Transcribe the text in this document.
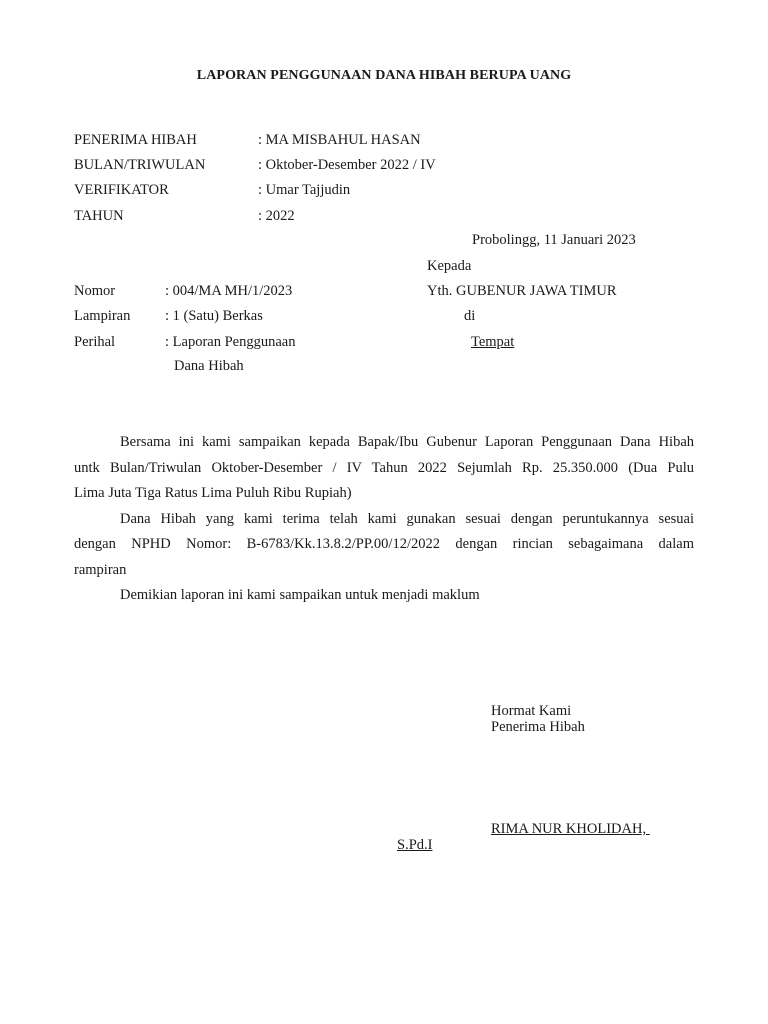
LAPORAN PENGGUNAAN DANA HIBAH BERUPA UANG
PENERIMA HIBAH	: MA MISBAHUL HASAN
BULAN/TRIWULAN	: Oktober-Desember 2022 / IV
VERIFIKATOR	: Umar Tajjudin
TAHUN	: 2022
Probolingg, 11 Januari 2023
Kepada
Yth. GUBENUR JAWA TIMUR
di
Tempat
Nomor	: 004/MA MH/1/2023
Lampiran : 1 (Satu) Berkas
Perihal	: Laporan Penggunaan
Dana Hibah
Bersama ini kami sampaikan kepada Bapak/Ibu Gubenur Laporan Penggunaan Dana Hibah
untk Bulan/Triwulan Oktober-Desember / IV Tahun 2022 Sejumlah Rp. 25.350.000 (Dua Pulu
Lima Juta Tiga Ratus Lima Puluh Ribu Rupiah)
Dana Hibah yang kami terima telah kami gunakan sesuai dengan peruntukannya sesuai
dengan NPHD Nomor: B-6783/Kk.13.8.2/PP.00/12/2022 dengan rincian sebagaimana dalam
rampiran
Demikian laporan ini kami sampaikan untuk menjadi maklum
Hormat Kami
Penerima Hibah
RIMA NUR KHOLIDAH,
S.Pd.I
